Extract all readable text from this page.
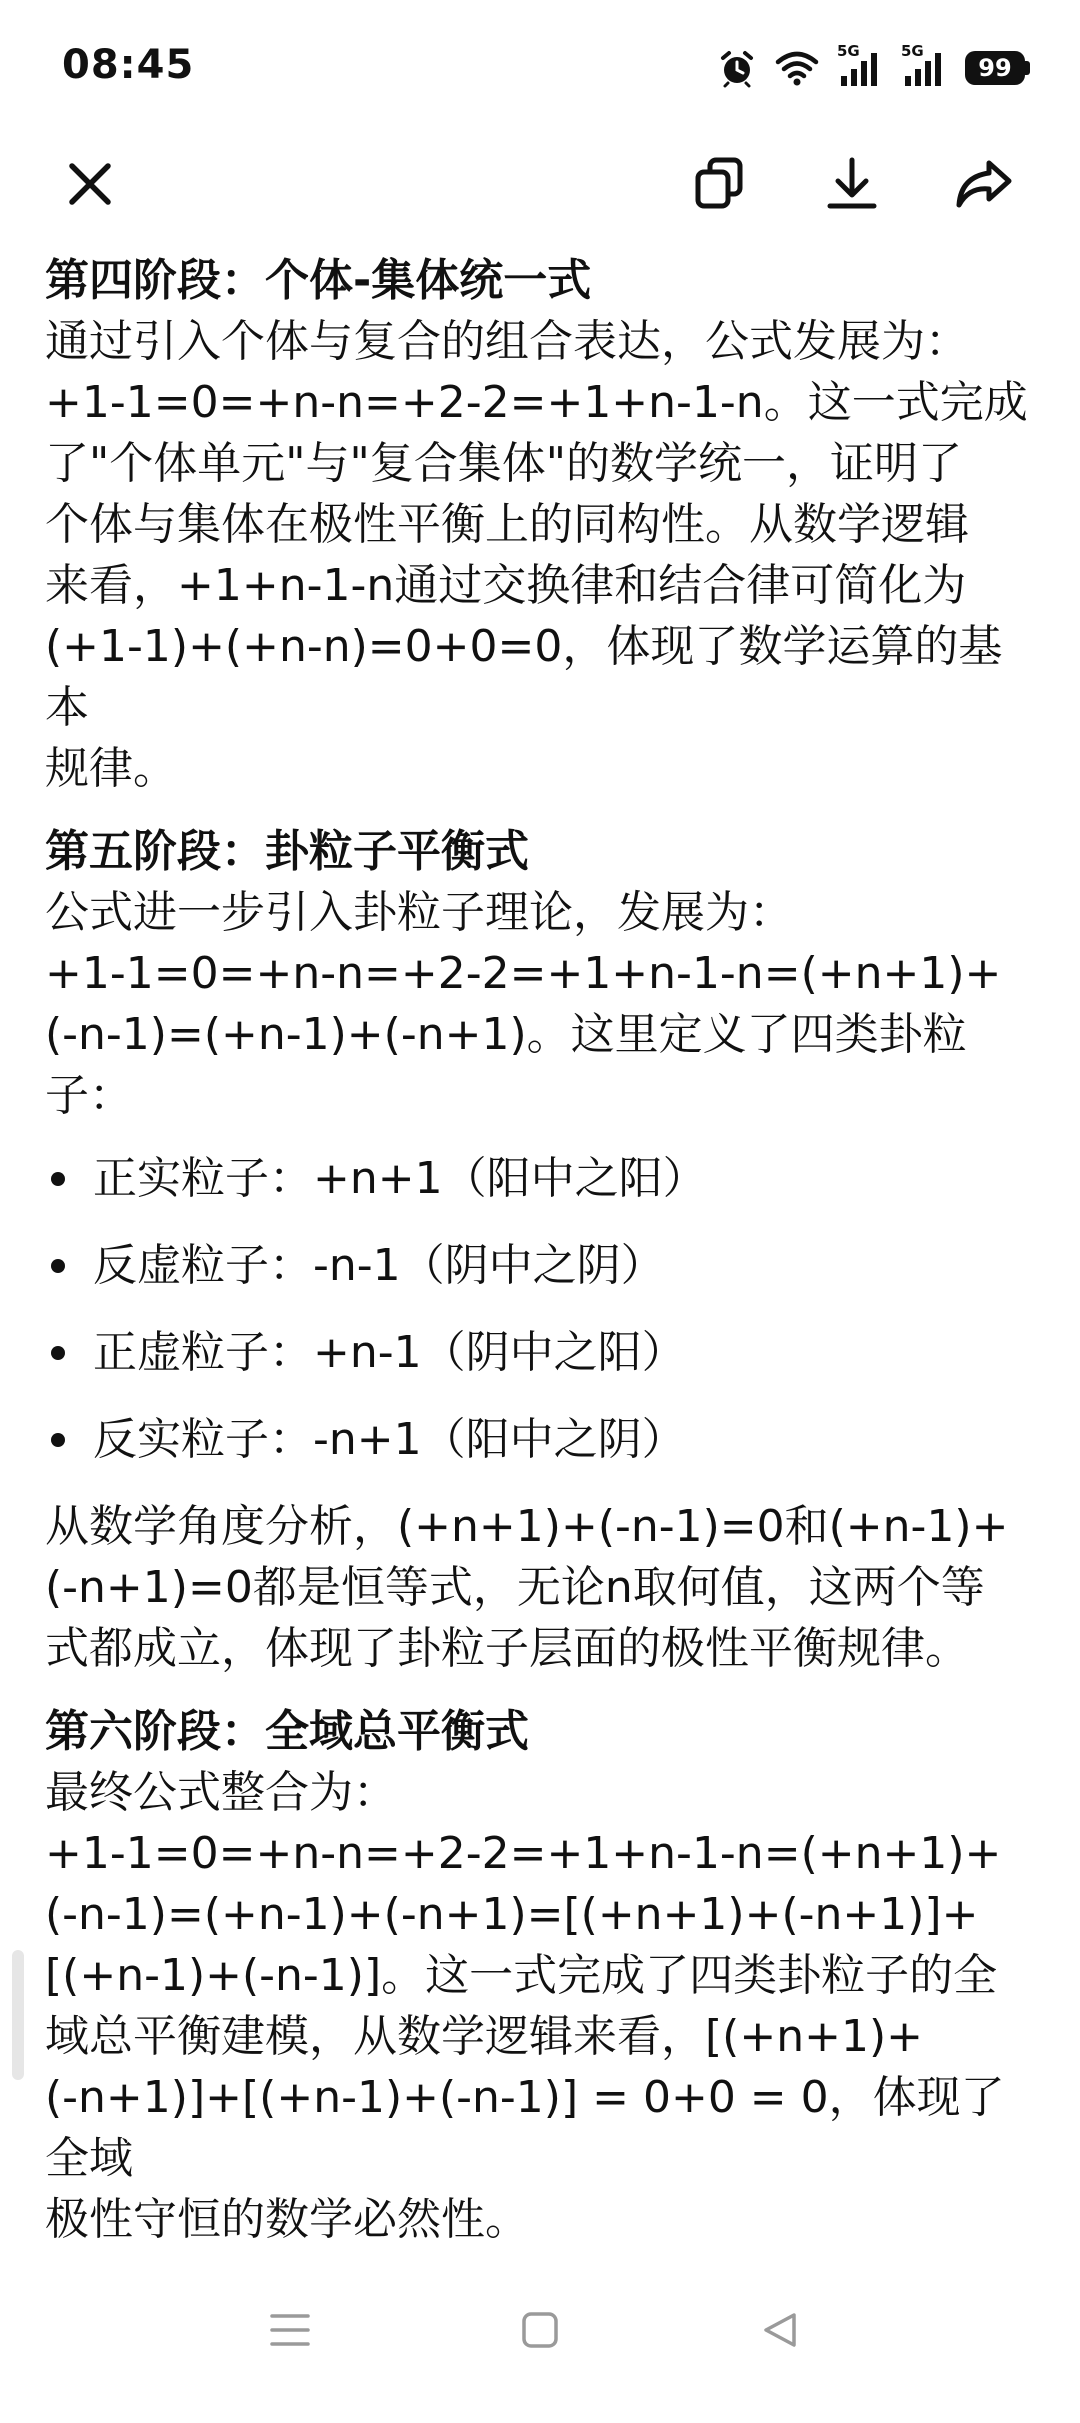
08:45	5G	5G
99
第四阶段：个体-集体统一式

通过引入个体与复合的组合表达，公式发展为：
+1-1=0=+n-n=+2-2=+1+n-1-n。这一式完成
了"个体单元"与"复合集体"的数学统一，证明了
个体与集体在极性平衡上的同构性。从数学逻辑
来看，+1+n-1-n通过交换律和结合律可简化为
(+1-1)+(+n-n)=0+0=0，体现了数学运算的基本
规律。

第五阶段：卦粒子平衡式

公式进一步引入卦粒子理论，发展为：
+1-1=0=+n-n=+2-2=+1+n-1-n=(+n+1)+
(-n-1)=(+n-1)+(-n+1)。这里定义了四类卦粒
子：

正实粒子：+n+1（阳中之阳）
反虚粒子：-n-1（阴中之阴）
正虚粒子：+n-1（阴中之阳）
反实粒子：-n+1（阳中之阴）

从数学角度分析，(+n+1)+(-n-1)=0和(+n-1)+
(-n+1)=0都是恒等式，无论n取何值，这两个等
式都成立，体现了卦粒子层面的极性平衡规律。

第六阶段：全域总平衡式

最终公式整合为：
+1-1=0=+n-n=+2-2=+1+n-1-n=(+n+1)+
(-n-1)=(+n-1)+(-n+1)=[(+n+1)+(-n+1)]+
[(+n-1)+(-n-1)]。这一式完成了四类卦粒子的全
域总平衡建模，从数学逻辑来看，[(+n+1)+
(-n+1)]+[(+n-1)+(-n-1)] = 0+0 = 0，体现了全域
极性守恒的数学必然性。
